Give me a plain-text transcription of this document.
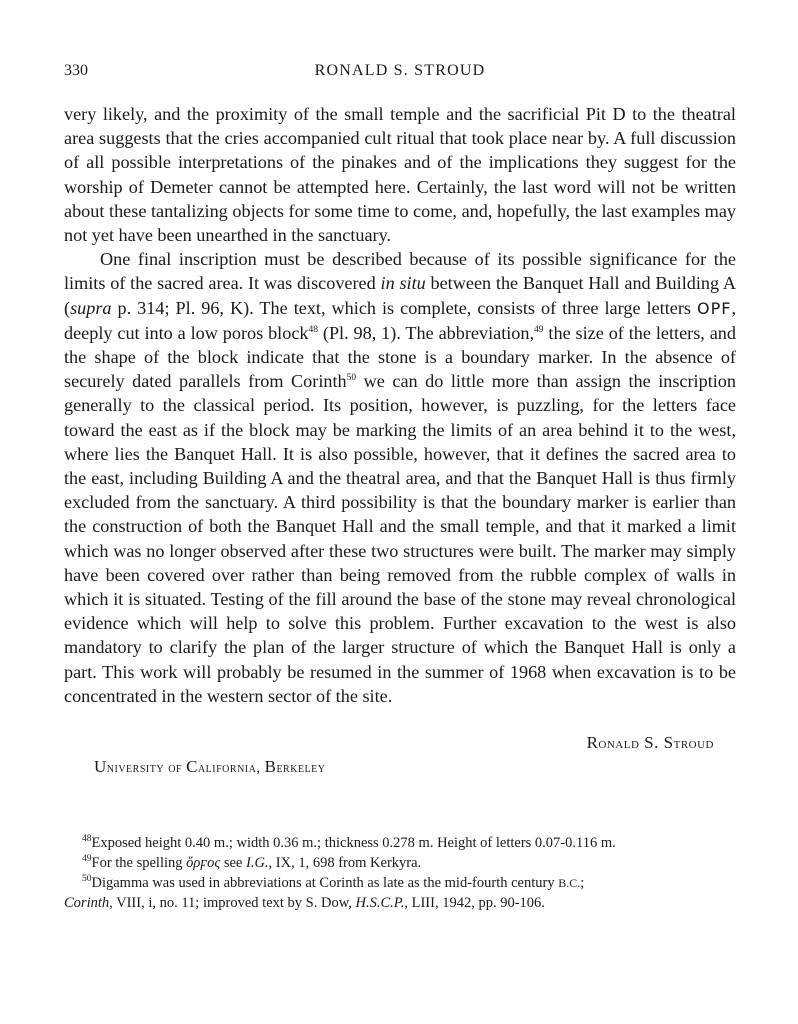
330	RONALD S. STROUD

very likely, and the proximity of the small temple and the sacrificial Pit D to the theatral area suggests that the cries accompanied cult ritual that took place near by. A full discussion of all possible interpretations of the pinakes and of the implications they suggest for the worship of Demeter cannot be attempted here. Certainly, the last word will not be written about these tantalizing objects for some time to come, and, hopefully, the last examples may not yet have been unearthed in the sanctuary.

One final inscription must be described because of its possible significance for the limits of the sacred area. It was discovered in situ between the Banquet Hall and Building A (supra p. 314; Pl. 96, K). The text, which is complete, consists of three large letters OPF, deeply cut into a low poros block$^{48}$ (Pl. 98, 1). The abbreviation,$^{49}$ the size of the letters, and the shape of the block indicate that the stone is a boundary marker. In the absence of securely dated parallels from Corinth$^{50}$ we can do little more than assign the inscription generally to the classical period. Its position, however, is puzzling, for the letters face toward the east as if the block may be marking the limits of an area behind it to the west, where lies the Banquet Hall. It is also possible, however, that it defines the sacred area to the east, including Building A and the theatral area, and that the Banquet Hall is thus firmly excluded from the sanctuary. A third possibility is that the boundary marker is earlier than the construction of both the Banquet Hall and the small temple, and that it marked a limit which was no longer observed after these two structures were built. The marker may simply have been covered over rather than being removed from the rubble complex of walls in which it is situated. Testing of the fill around the base of the stone may reveal chronological evidence which will help to solve this problem. Further excavation to the west is also mandatory to clarify the plan of the larger structure of which the Banquet Hall is only a part. This work will probably be resumed in the summer of 1968 when excavation is to be concentrated in the western sector of the site.

Ronald S. Stroud
University of California, Berkeley

$^{48}$Exposed height 0.40 m.; width 0.36 m.; thickness 0.278 m. Height of letters 0.07-0.116 m.

$^{49}$For the spelling ὅρϝος see I.G., IX, 1, 698 from Kerkyra.

$^{50}$Digamma was used in abbreviations at Corinth as late as the mid-fourth century B.C.;

Corinth, VIII, i, no. 11; improved text by S. Dow, H.S.C.P., LIII, 1942, pp. 90-106.
